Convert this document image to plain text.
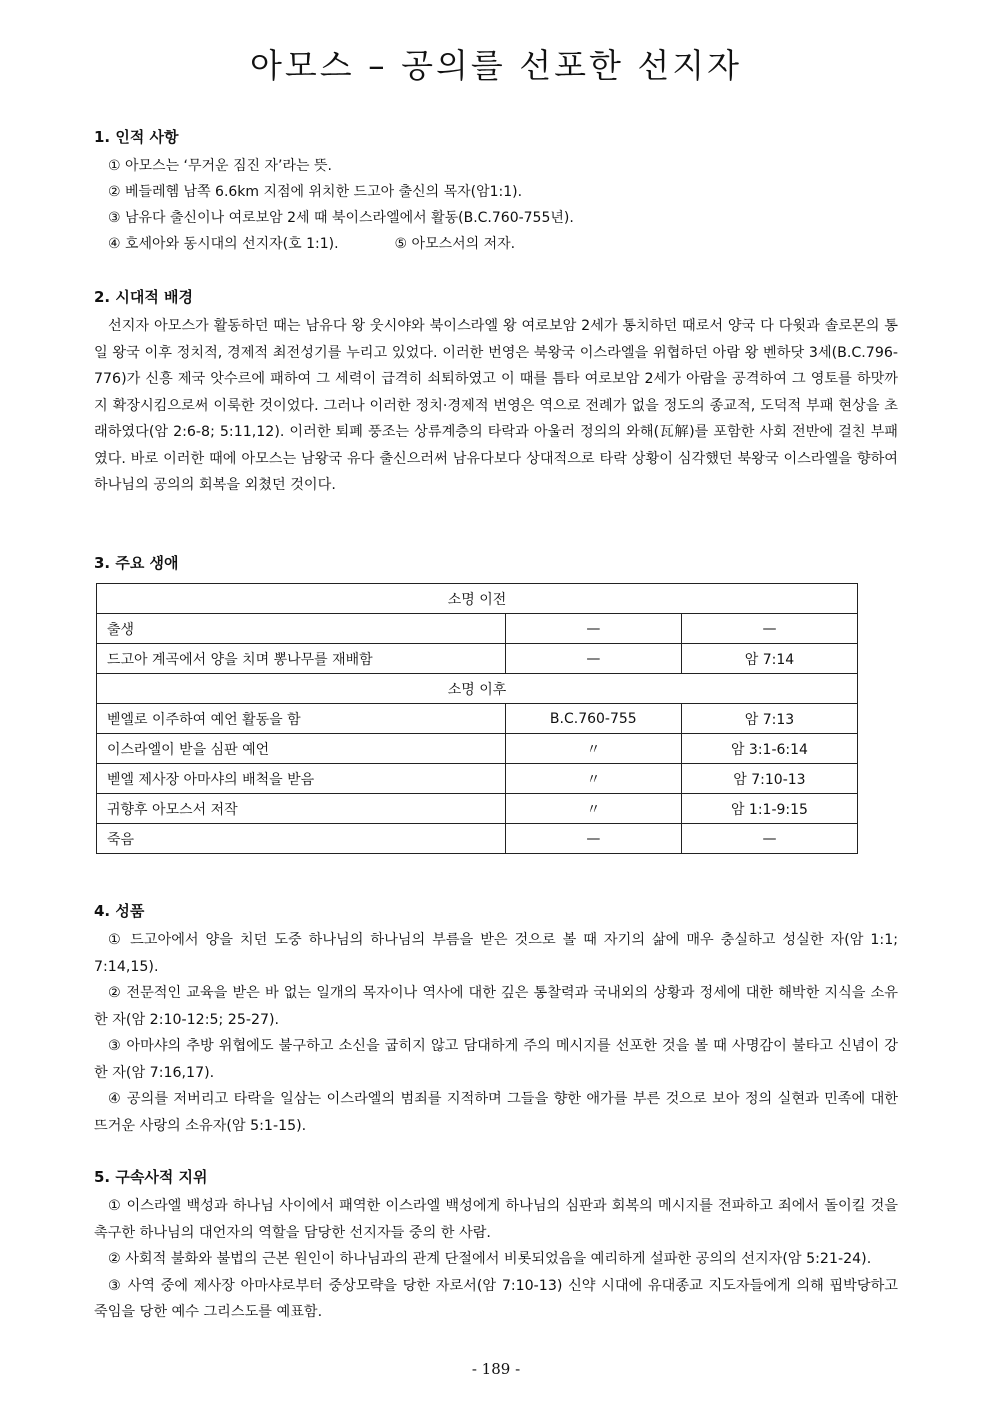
아모스 – 공의를 선포한 선지자
1. 인적 사항
① 아모스는 ‘무거운 짐진 자’라는 뜻.
② 베들레헴 남쪽 6.6km 지점에 위치한 드고아 출신의 목자(암1:1).
③ 남유다 출신이나 여로보암 2세 때 북이스라엘에서 활동(B.C.760-755년).
④ 호세아와 동시대의 선지자(호 1:1).	⑤ 아모스서의 저자.
2. 시대적 배경

선지자 아모스가 활동하던 때는 남유다 왕 웃시야와 북이스라엘 왕 여로보암 2세가 통치하던 때로서 양국 다 다윗과 솔로몬의 통일 왕국 이후 정치적, 경제적 최전성기를 누리고 있었다. 이러한 번영은 북왕국 이스라엘을 위협하던 아람 왕 벤하닷 3세(B.C.796-776)가 신흥 제국 앗수르에 패하여 그 세력이 급격히 쇠퇴하였고 이 때를 틈타 여로보암 2세가 아람을 공격하여 그 영토를 하맛까지 확장시킴으로써 이룩한 것이었다. 그러나 이러한 정치·경제적 번영은 역으로 전례가 없을 정도의 종교적, 도덕적 부패 현상을 초래하였다(암 2:6-8; 5:11,12). 이러한 퇴폐 풍조는 상류계층의 타락과 아울러 정의의 와해(瓦解)를 포함한 사회 전반에 걸친 부패였다. 바로 이러한 때에 아모스는 남왕국 유다 출신으러써 남유다보다 상대적으로 타락 상황이 심각했던 북왕국 이스라엘을 향하여 하나님의 공의의 회복을 외쳤던 것이다.

3. 주요 생애
소명 이전		
출생	—	—
드고아 계곡에서 양을 치며 뽕나무를 재배함	—	암 7:14
소명 이후		
벧엘로 이주하여 예언 활동을 함	B.C.760-755	암 7:13
이스라엘이 받을 심판 예언	〃	암 3:1-6:14
벧엘 제사장 아마샤의 배척을 받음	〃	암 7:10-13
귀향후 아모스서 저작	〃	암 1:1-9:15
죽음	—	—
4. 성품

① 드고아에서 양을 치던 도중 하나님의 하나님의 부름을 받은 것으로 볼 때 자기의 삶에 매우 충실하고 성실한 자(암 1:1; 7:14,15).

② 전문적인 교육을 받은 바 없는 일개의 목자이나 역사에 대한 깊은 통찰력과 국내외의 상황과 정세에 대한 해박한 지식을 소유한 자(암 2:10-12:5; 25-27).

③ 아마샤의 추방 위협에도 불구하고 소신을 굽히지 않고 담대하게 주의 메시지를 선포한 것을 볼 때 사명감이 불타고 신념이 강한 자(암 7:16,17).

④ 공의를 저버리고 타락을 일삼는 이스라엘의 범죄를 지적하며 그들을 향한 애가를 부른 것으로 보아 정의 실현과 민족에 대한 뜨거운 사랑의 소유자(암 5:1-15).

5. 구속사적 지위

① 이스라엘 백성과 하나님 사이에서 패역한 이스라엘 백성에게 하나님의 심판과 회복의 메시지를 전파하고 죄에서 돌이킬 것을 촉구한 하나님의 대언자의 역할을 담당한 선지자들 중의 한 사람.

② 사회적 불화와 불법의 근본 원인이 하나님과의 관계 단절에서 비롯되었음을 예리하게 설파한 공의의 선지자(암 5:21-24).

③ 사역 중에 제사장 아마샤로부터 중상모략을 당한 자로서(암 7:10-13) 신약 시대에 유대종교 지도자들에게 의해 핍박당하고 죽임을 당한 예수 그리스도를 예표함.

- 189 -
